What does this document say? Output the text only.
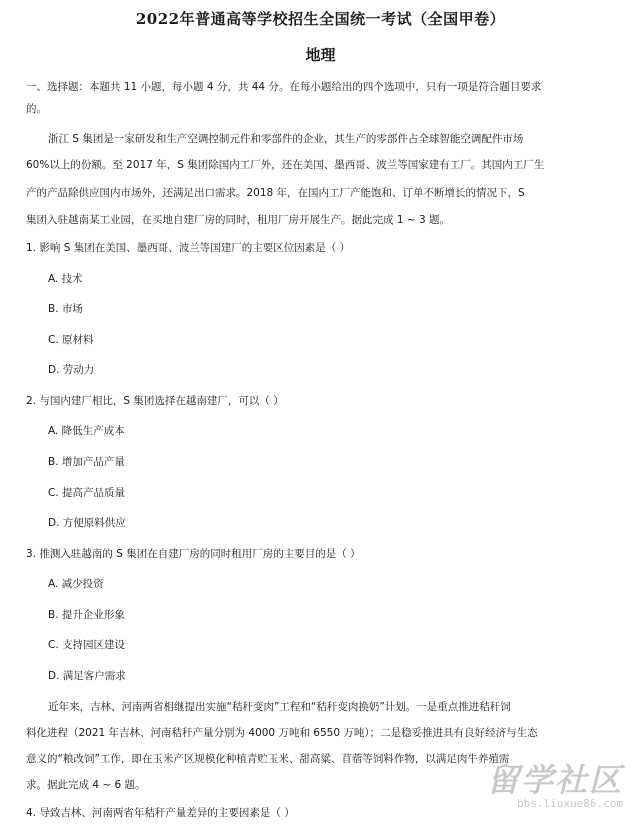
2022年普通高等学校招生全国统一考试（全国甲卷）
地理
一、选择题：本题共 11 小题，每小题 4 分，共 44 分。在每小题给出的四个选项中，只有一项是符合题目要求
的。
浙江 S 集团是一家研发和生产空调控制元件和零部件的企业，其生产的零部件占全球智能空调配件市场
60%以上的份额。至 2017 年，S 集团除国内工厂外，还在美国、墨西哥、波兰等国家建有工厂。其国内工厂生
产的产品除供应国内市场外，还满足出口需求。2018 年，在国内工厂产能饱和、订单不断增长的情况下，S
集团入驻越南某工业园，在买地自建厂房的同时，租用厂房开展生产。据此完成 1 ~ 3 题。
1. 影响 S 集团在美国、墨西哥、波兰等国建厂的主要区位因素是（ ）
A. 技术
B. 市场
C. 原材料
D. 劳动力
2. 与国内建厂相比，S 集团选择在越南建厂，可以（ ）
A. 降低生产成本
B. 增加产品产量
C. 提高产品质量
D. 方便原料供应
3. 推测入驻越南的 S 集团在自建厂房的同时租用厂房的主要目的是（ ）
A. 减少投资
B. 提升企业形象
C. 支持园区建设
D. 满足客户需求
近年来，吉林、河南两省相继提出实施“秸秆变肉”工程和“秸秆变肉换奶”计划。一是重点推进秸秆饲
料化进程（2021 年吉林、河南秸秆产量分别为 4000 万吨和 6550 万吨）；二是稳妥推进具有良好经济与生态
意义的“粮改饲”工作，即在玉米产区规模化种植青贮玉米、甜高粱、苜蓿等饲料作物，以满足肉牛养殖需
求。据此完成 4 ~ 6 题。
4. 导致吉林、河南两省年秸秆产量差异的主要因素是（ ）
留学社区
bbs.liuxue86.com
